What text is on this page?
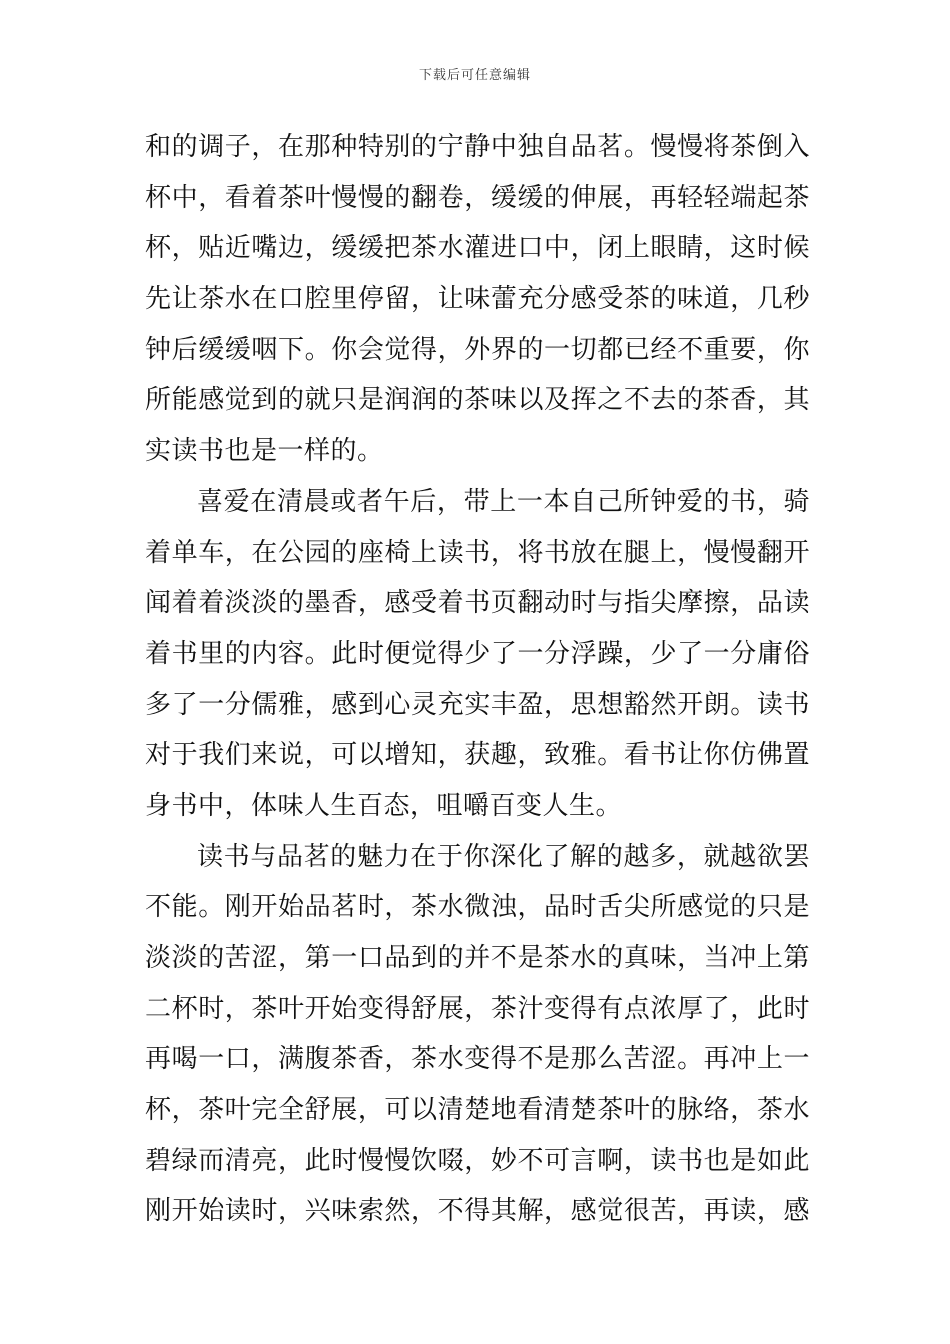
下载后可任意编辑
和的调子，在那种特别的宁静中独自品茗。慢慢将茶倒入
杯中，看着茶叶慢慢的翻卷，缓缓的伸展，再轻轻端起茶
杯，贴近嘴边，缓缓把茶水灌进口中，闭上眼睛，这时候
先让茶水在口腔里停留，让味蕾充分感受茶的味道，几秒
钟后缓缓咽下。你会觉得，外界的一切都已经不重要，你
所能感觉到的就只是润润的茶味以及挥之不去的茶香，其
实读书也是一样的。
喜爱在清晨或者午后，带上一本自己所钟爱的书，骑
着单车，在公园的座椅上读书，将书放在腿上，慢慢翻开
闻着着淡淡的墨香，感受着书页翻动时与指尖摩擦，品读
着书里的内容。此时便觉得少了一分浮躁，少了一分庸俗
多了一分儒雅，感到心灵充实丰盈，思想豁然开朗。读书
对于我们来说，可以增知，获趣，致雅。看书让你仿佛置
身书中，体味人生百态，咀嚼百变人生。
读书与品茗的魅力在于你深化了解的越多，就越欲罢
不能。刚开始品茗时，茶水微浊，品时舌尖所感觉的只是
淡淡的苦涩，第一口品到的并不是茶水的真味，当冲上第
二杯时，茶叶开始变得舒展，茶汁变得有点浓厚了，此时
再喝一口，满腹茶香，茶水变得不是那么苦涩。再冲上一
杯，茶叶完全舒展，可以清楚地看清楚茶叶的脉络，茶水
碧绿而清亮，此时慢慢饮啜，妙不可言啊，读书也是如此
刚开始读时，兴味索然，不得其解，感觉很苦，再读，感
